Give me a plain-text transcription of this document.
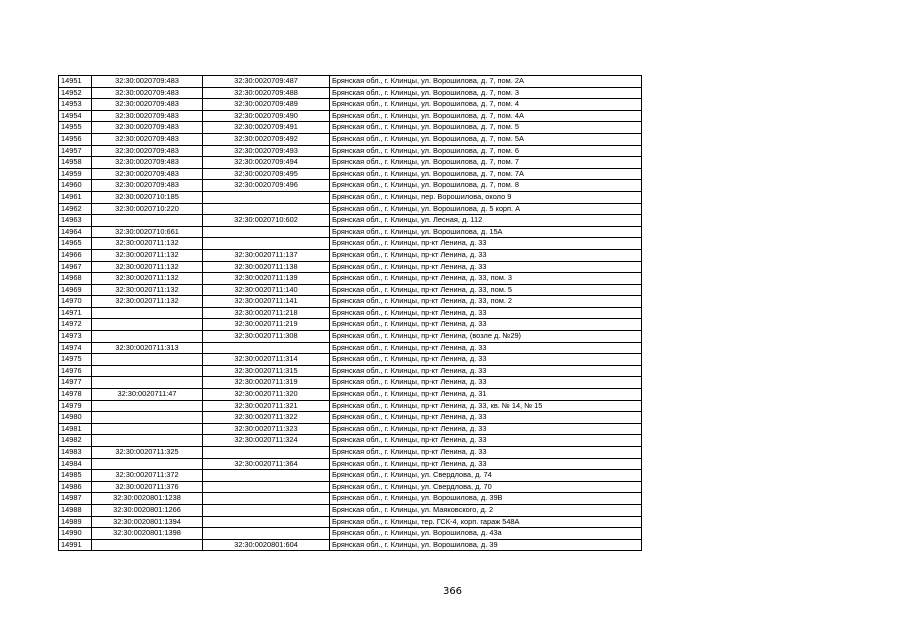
14951	32:30:0020709:483	32:30:0020709:487	Брянская обл., г. Клинцы, ул. Ворошилова, д. 7, пом. 2А
14952	32:30:0020709:483	32:30:0020709:488	Брянская обл., г. Клинцы, ул. Ворошилова, д. 7, пом. 3
14953	32:30:0020709:483	32:30:0020709:489	Брянская обл., г. Клинцы, ул. Ворошилова, д. 7, пом. 4
14954	32:30:0020709:483	32:30:0020709:490	Брянская обл., г. Клинцы, ул. Ворошилова, д. 7, пом. 4А
14955	32:30:0020709:483	32:30:0020709:491	Брянская обл., г. Клинцы, ул. Ворошилова, д. 7, пом. 5
14956	32:30:0020709:483	32:30:0020709:492	Брянская обл., г. Клинцы, ул. Ворошилова, д. 7, пом. 5А
14957	32:30:0020709:483	32:30:0020709:493	Брянская обл., г. Клинцы, ул. Ворошилова, д. 7, пом. 6
14958	32:30:0020709:483	32:30:0020709:494	Брянская обл., г. Клинцы, ул. Ворошилова, д. 7, пом. 7
14959	32:30:0020709:483	32:30:0020709:495	Брянская обл., г. Клинцы, ул. Ворошилова, д. 7, пом. 7А
14960	32:30:0020709:483	32:30:0020709:496	Брянская обл., г. Клинцы, ул. Ворошилова, д. 7, пом. 8
14961	32:30:0020710:185		Брянская обл., г. Клинцы, пер. Ворошилова, около 9
14962	32:30:0020710:220		Брянская обл., г. Клинцы, ул. Ворошилова, д. 5 корп. А
14963		32:30:0020710:602	Брянская обл., г. Клинцы, ул. Лесная, д. 112
14964	32:30:0020710:661		Брянская обл., г. Клинцы, ул. Ворошилова, д. 15А
14965	32:30:0020711:132		Брянская обл., г. Клинцы, пр-кт Ленина, д. 33
14966	32:30:0020711:132	32:30:0020711:137	Брянская обл., г. Клинцы, пр-кт Ленина, д. 33
14967	32:30:0020711:132	32:30:0020711:138	Брянская обл., г. Клинцы, пр-кт Ленина, д. 33
14968	32:30:0020711:132	32:30:0020711:139	Брянская обл., г. Клинцы, пр-кт Ленина, д. 33, пом. 3
14969	32:30:0020711:132	32:30:0020711:140	Брянская обл., г. Клинцы, пр-кт Ленина, д. 33, пом. 5
14970	32:30:0020711:132	32:30:0020711:141	Брянская обл., г. Клинцы, пр-кт Ленина, д. 33, пом. 2
14971		32:30:0020711:218	Брянская обл., г. Клинцы, пр-кт Ленина, д. 33
14972		32:30:0020711:219	Брянская обл., г. Клинцы, пр-кт Ленина, д. 33
14973		32:30:0020711:308	Брянская обл., г. Клинцы, пр-кт Ленина, (возле д. №29)
14974	32:30:0020711:313		Брянская обл., г. Клинцы, пр-кт Ленина, д. 33
14975		32:30:0020711:314	Брянская обл., г. Клинцы, пр-кт Ленина, д. 33
14976		32:30:0020711:315	Брянская обл., г. Клинцы, пр-кт Ленина, д. 33
14977		32:30:0020711:319	Брянская обл., г. Клинцы, пр-кт Ленина, д. 33
14978	32:30:0020711:47	32:30:0020711:320	Брянская обл., г. Клинцы, пр-кт Ленина, д. 31
14979		32:30:0020711:321	Брянская обл., г. Клинцы, пр-кт Ленина, д. 33, кв. № 14, № 15
14980		32:30:0020711:322	Брянская обл., г. Клинцы, пр-кт Ленина, д. 33
14981		32:30:0020711:323	Брянская обл., г. Клинцы, пр-кт Ленина, д. 33
14982		32:30:0020711:324	Брянская обл., г. Клинцы, пр-кт Ленина, д. 33
14983	32:30:0020711:325		Брянская обл., г. Клинцы, пр-кт Ленина, д. 33
14984		32:30:0020711:364	Брянская обл., г. Клинцы, пр-кт Ленина, д. 33
14985	32:30:0020711:372		Брянская обл., г. Клинцы, ул. Свердлова, д. 74
14986	32:30:0020711:376		Брянская обл., г. Клинцы, ул. Свердлова, д. 70
14987	32:30:0020801:1238		Брянская обл., г. Клинцы, ул. Ворошилова, д. 39В
14988	32:30:0020801:1266		Брянская обл., г. Клинцы, ул. Маяковского, д. 2
14989	32:30:0020801:1394		Брянская обл., г. Клинцы, тер. ГСК-4, корп. гараж 548А
14990	32:30:0020801:1398		Брянская обл., г. Клинцы, ул. Ворошилова, д. 43а
14991		32:30:0020801:604	Брянская обл., г. Клинцы, ул. Ворошилова, д. 39
366
